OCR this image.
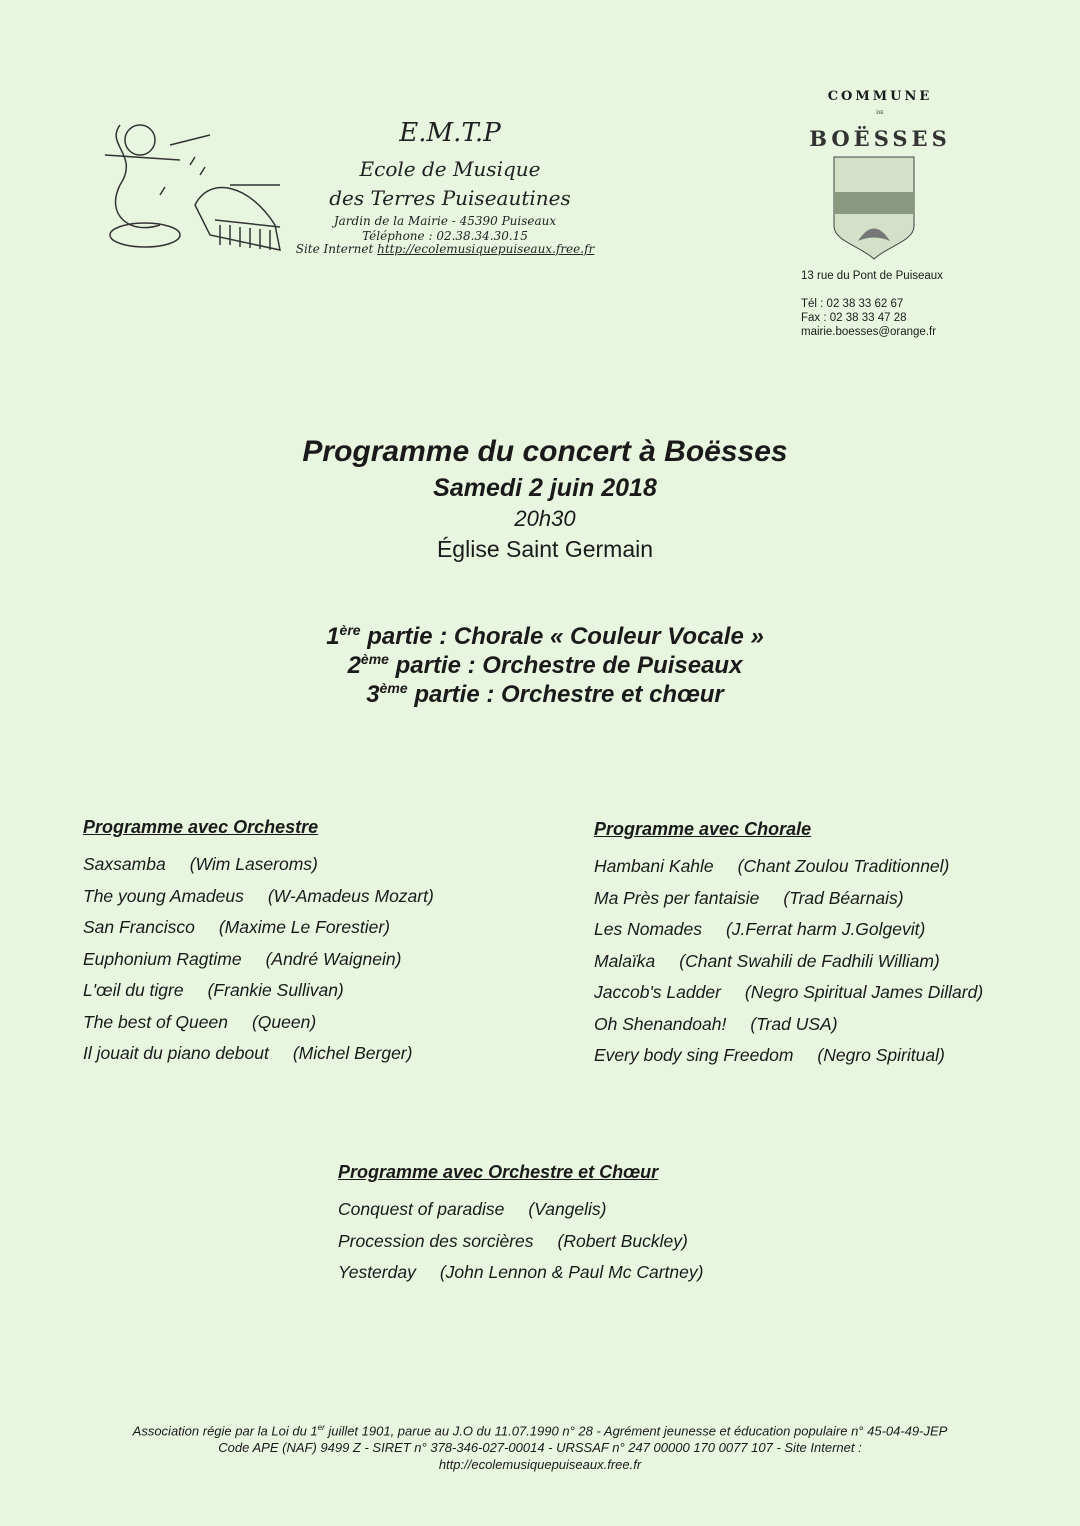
E.M.T.P
Ecole de Musique
des Terres Puiseautines
Jardin de la Mairie - 45390 Puiseaux
Téléphone : 02.38.34.30.15
Site Internet http://ecolemusiquepuiseaux.free.fr
COMMUNE
DE
BOËSSES
13 rue du Pont de Puiseaux
Tél : 02 38 33 62 67
Fax : 02 38 33 47 28
mairie.boesses@orange.fr
Programme du concert à Boësses
Samedi 2 juin 2018
20h30
Église Saint Germain
1ère partie : Chorale « Couleur Vocale »
2ème partie : Orchestre de Puiseaux
3ème partie : Orchestre et chœur
Programme avec Orchestre
Saxsamba (Wim Laseroms)
The young Amadeus (W-Amadeus Mozart)
San Francisco (Maxime Le Forestier)
Euphonium Ragtime (André Waignein)
L'œil du tigre (Frankie Sullivan)
The best of Queen (Queen)
Il jouait du piano debout (Michel Berger)
Programme avec Chorale
Hambani Kahle (Chant Zoulou Traditionnel)
Ma Près per fantaisie (Trad Béarnais)
Les Nomades (J.Ferrat harm J.Golgevit)
Malaïka (Chant Swahili de Fadhili William)
Jaccob's Ladder (Negro Spiritual James Dillard)
Oh Shenandoah! (Trad USA)
Every body sing Freedom (Negro Spiritual)
Programme avec Orchestre et Chœur
Conquest of paradise (Vangelis)
Procession des sorcières (Robert Buckley)
Yesterday (John Lennon & Paul Mc Cartney)
Association régie par la Loi du 1er juillet 1901, parue au J.O du 11.07.1990 n° 28 - Agrément jeunesse et éducation populaire n° 45-04-49-JEP
Code APE (NAF) 9499 Z - SIRET n° 378-346-027-00014 - URSSAF n° 247 00000 170 0077 107 - Site Internet :
http://ecolemusiquepuiseaux.free.fr
